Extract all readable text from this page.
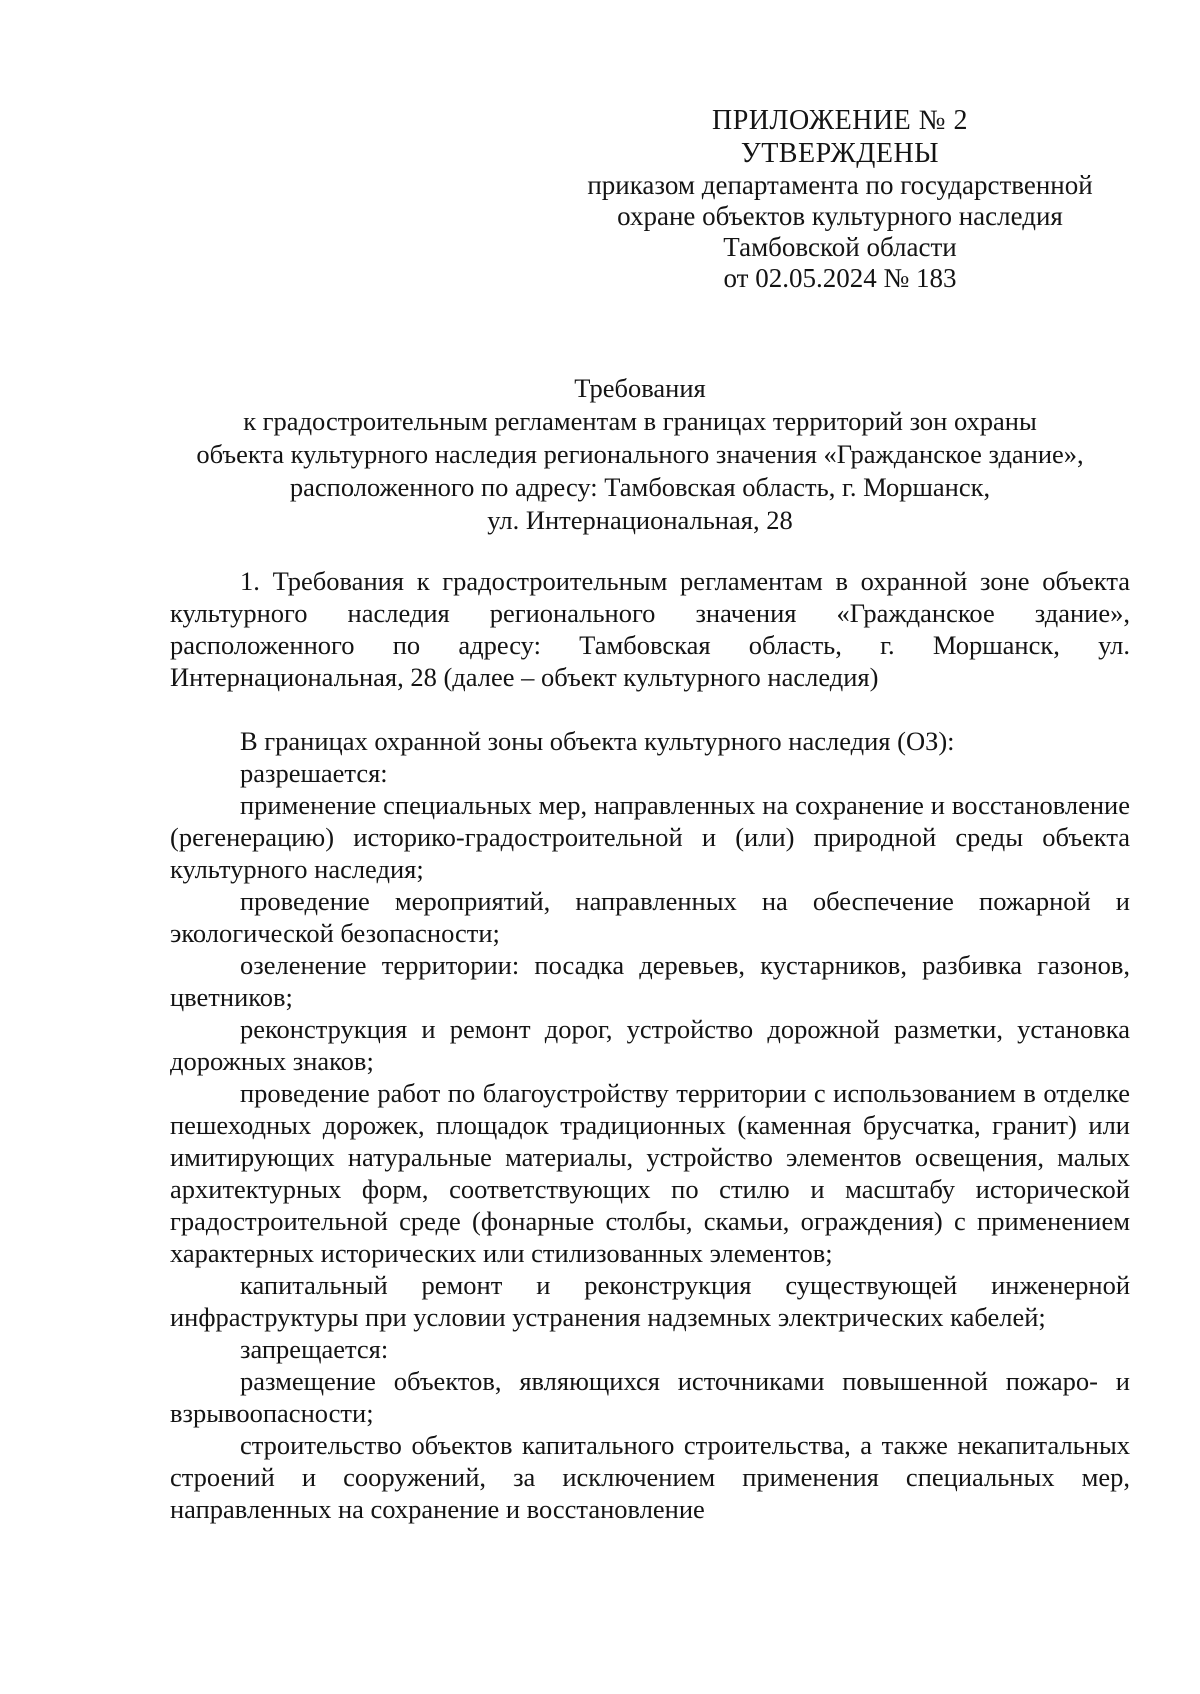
ПРИЛОЖЕНИЕ № 2
УТВЕРЖДЕНЫ
приказом департамента по государственной
охране объектов культурного наследия
Тамбовской области
от 02.05.2024 № 183
Требования
к градостроительным регламентам в границах территорий зон охраны
объекта культурного наследия регионального значения «Гражданское здание»,
расположенного по адресу: Тамбовская область, г. Моршанск,
ул. Интернациональная, 28

1. Требования к градостроительным регламентам в охранной зоне объекта культурного наследия регионального значения «Гражданское здание», расположенного по адресу: Тамбовская область, г. Моршанск, ул. Интернациональная, 28 (далее – объект культурного наследия)

В границах охранной зоны объекта культурного наследия (ОЗ):

разрешается:

применение специальных мер, направленных на сохранение и восстановление (регенерацию) историко-градостроительной и (или) природной среды объекта культурного наследия;

проведение мероприятий, направленных на обеспечение пожарной и экологической безопасности;

озеленение территории: посадка деревьев, кустарников, разбивка газонов, цветников;

реконструкция и ремонт дорог, устройство дорожной разметки, установка дорожных знаков;

проведение работ по благоустройству территории с использованием в отделке пешеходных дорожек, площадок традиционных (каменная брусчатка, гранит) или имитирующих натуральные материалы, устройство элементов освещения, малых архитектурных форм, соответствующих по стилю и масштабу исторической градостроительной среде (фонарные столбы, скамьи, ограждения) с применением характерных исторических или стилизованных элементов;

капитальный ремонт и реконструкция существующей инженерной инфраструктуры при условии устранения надземных электрических кабелей;

запрещается:

размещение объектов, являющихся источниками повышенной пожаро- и взрывоопасности;

строительство объектов капитального строительства, а также некапитальных строений и сооружений, за исключением применения специальных мер, направленных на сохранение и восстановление
